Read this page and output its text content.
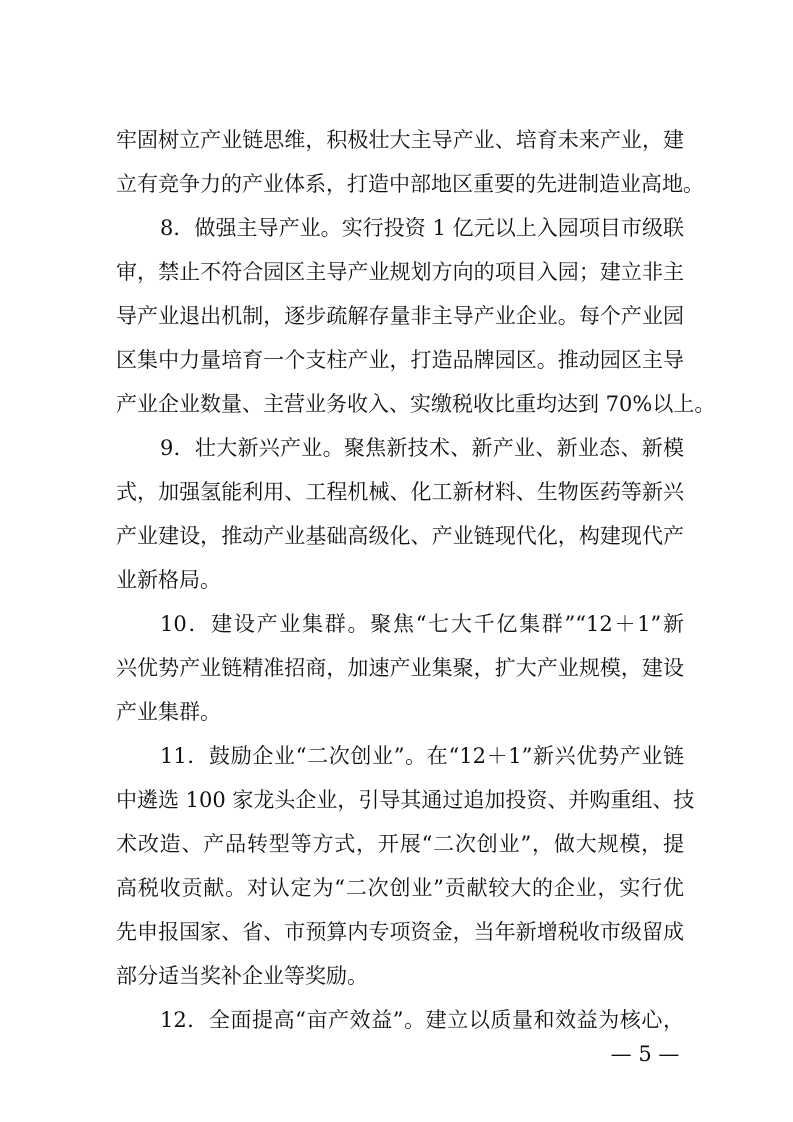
牢固树立产业链思维，积极壮大主导产业、培育未来产业，建
立有竞争力的产业体系，打造中部地区重要的先进制造业高地。
8．做强主导产业。实行投资 1 亿元以上入园项目市级联
审，禁止不符合园区主导产业规划方向的项目入园；建立非主
导产业退出机制，逐步疏解存量非主导产业企业。每个产业园
区集中力量培育一个支柱产业，打造品牌园区。推动园区主导
产业企业数量、主营业务收入、实缴税收比重均达到 70%以上。
9．壮大新兴产业。聚焦新技术、新产业、新业态、新模
式，加强氢能利用、工程机械、化工新材料、生物医药等新兴
产业建设，推动产业基础高级化、产业链现代化，构建现代产
业新格局。
10．建设产业集群。聚焦“七大千亿集群”“12＋1”新
兴优势产业链精准招商，加速产业集聚，扩大产业规模，建设
产业集群。
11．鼓励企业“二次创业”。在“12＋1”新兴优势产业链
中遴选 100 家龙头企业，引导其通过追加投资、并购重组、技
术改造、产品转型等方式，开展“二次创业”，做大规模，提
高税收贡献。对认定为“二次创业”贡献较大的企业，实行优
先申报国家、省、市预算内专项资金，当年新增税收市级留成
部分适当奖补企业等奖励。
12．全面提高“亩产效益”。建立以质量和效益为核心，
— 5 —
